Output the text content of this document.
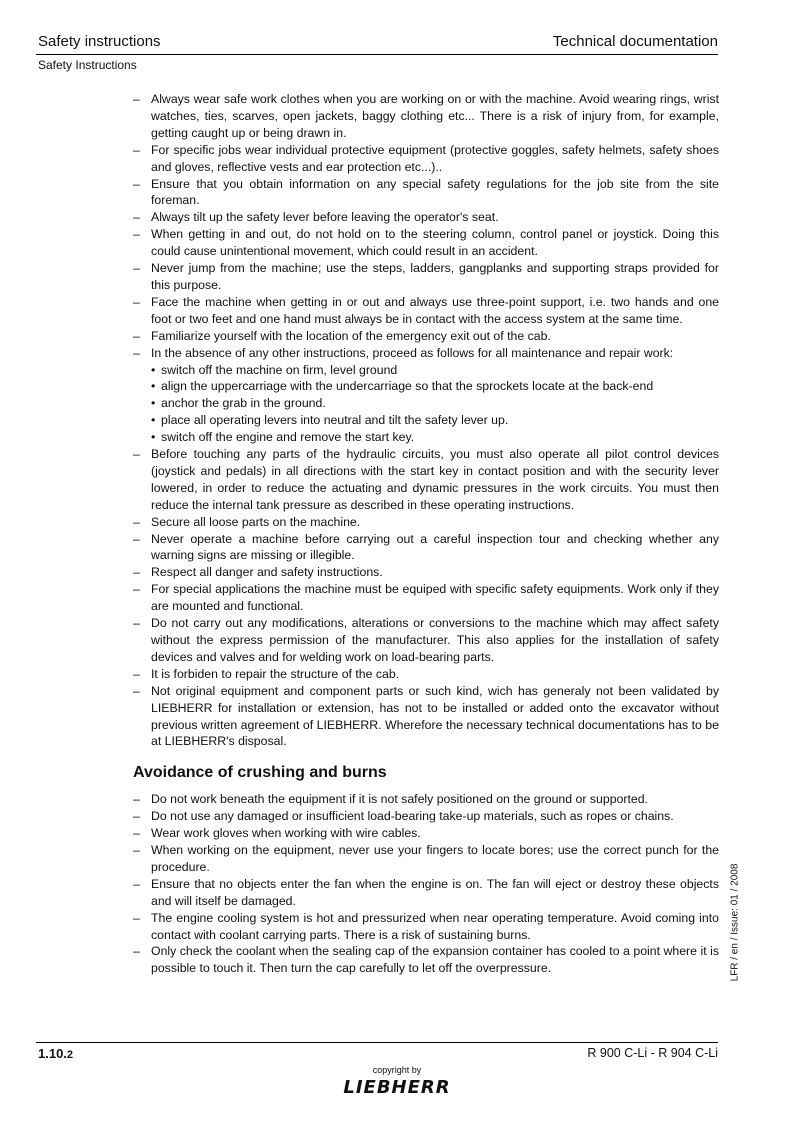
Safety instructions	Technical documentation
Safety Instructions
– Always wear safe work clothes when you are working on or with the machine. Avoid wearing rings, wrist watches, ties, scarves, open jackets, baggy clothing etc... There is a risk of injury from, for example, getting caught up or being drawn in.
– For specific jobs wear individual protective equipment (protective goggles, safety helmets, safety shoes and gloves, reflective vests and ear protection etc...)..
– Ensure that you obtain information on any special safety regulations for the job site from the site foreman.
– Always tilt up the safety lever before leaving the operator's seat.
– When getting in and out, do not hold on to the steering column, control panel or joystick. Doing this could cause unintentional movement, which could result in an accident.
– Never jump from the machine; use the steps, ladders, gangplanks and supporting straps provided for this purpose.
– Face the machine when getting in or out and always use three-point support, i.e. two hands and one foot or two feet and one hand must always be in contact with the access system at the same time.
– Familiarize yourself with the location of the emergency exit out of the cab.
– In the absence of any other instructions, proceed as follows for all maintenance and repair work:
• switch off the machine on firm, level ground
• align the uppercarriage with the undercarriage so that the sprockets locate at the back-end
• anchor the grab in the ground.
• place all operating levers into neutral and tilt the safety lever up.
• switch off the engine and remove the start key.
– Before touching any parts of the hydraulic circuits, you must also operate all pilot control devices (joystick and pedals) in all directions with the start key in contact position and with the security lever lowered, in order to reduce the actuating and dynamic pressures in the work circuits. You must then reduce the internal tank pressure as described in these operating instructions.
– Secure all loose parts on the machine.
– Never operate a machine before carrying out a careful inspection tour and checking whether any warning signs are missing or illegible.
– Respect all danger and safety instructions.
– For special applications the machine must be equiped with specific safety equipments. Work only if they are mounted and functional.
– Do not carry out any modifications, alterations or conversions to the machine which may affect safety without the express permission of the manufacturer. This also applies for the installation of safety devices and valves and for welding work on load-bearing parts.
– It is forbiden to repair the structure of the cab.
– Not original equipment and component parts or such kind, wich has generaly not been validated by LIEBHERR for installation or extension, has not to be installed or added onto the excavator without previous written agreement of LIEBHERR. Wherefore the necessary technical documentations has to be at LIEBHERR's disposal.
Avoidance of crushing and burns
– Do not work beneath the equipment if it is not safely positioned on the ground or supported.
– Do not use any damaged or insufficient load-bearing take-up materials, such as ropes or chains.
– Wear work gloves when working with wire cables.
– When working on the equipment, never use your fingers to locate bores; use the correct punch for the procedure.
– Ensure that no objects enter the fan when the engine is on. The fan will eject or destroy these objects and will itself be damaged.
– The engine cooling system is hot and pressurized when near operating temperature. Avoid coming into contact with coolant carrying parts. There is a risk of sustaining burns.
– Only check the coolant when the sealing cap of the expansion container has cooled to a point where it is possible to touch it. Then turn the cap carefully to let off the overpressure.	LFR / en / Issue: 01 / 2008
1.10.2	R 900 C-Li - R 904 C-Li
copyright by
LIEBHERR
